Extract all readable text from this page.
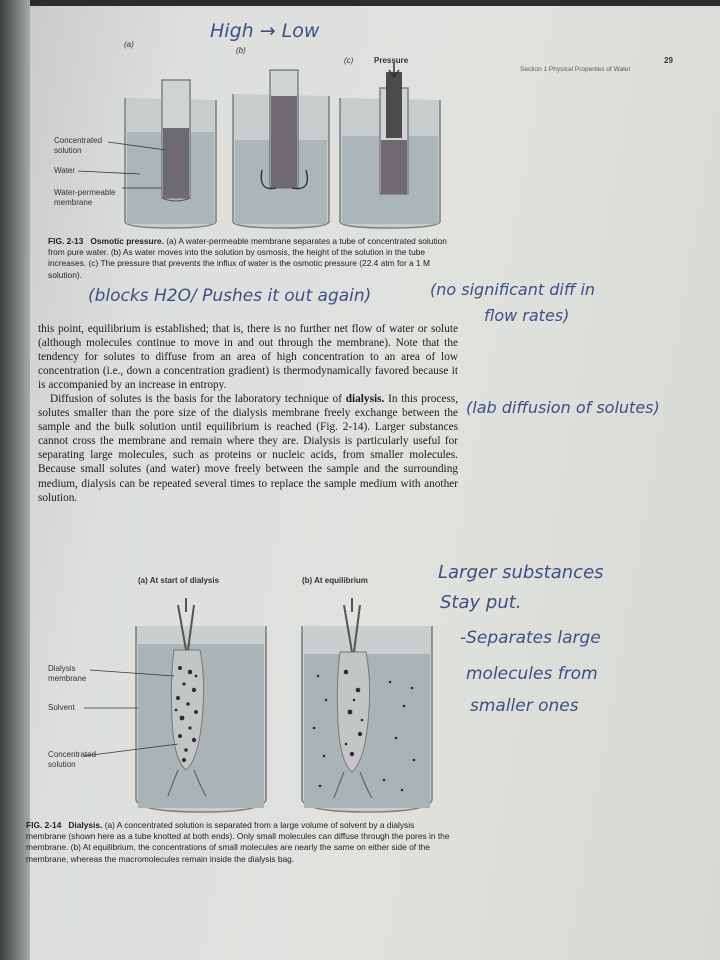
Section 1 Physical Properties of Water
29
High → Low
(a)
(b)
(c)	Pressure
Concentrated solution
Water
Water-permeable membrane
FIG. 2-13 Osmotic pressure. (a) A water-permeable membrane separates a tube of concentrated solution from pure water. (b) As water moves into the solution by osmosis, the height of the solution in the tube increases. (c) The pressure that prevents the influx of water is the osmotic pressure (22.4 atm for a 1 M solution).
(blocks H2O/ Pushes it out again)	(no significant diff in
flow rates)

this point, equilibrium is established; that is, there is no further net flow of water or solute (although molecules continue to move in and out through the membrane). Note that the tendency for solutes to diffuse from an area of high concentration to an area of low concentration (i.e., down a concentration gradient) is thermodynamically favored because it is accompanied by an increase in entropy.

Diffusion of solutes is the basis for the laboratory technique of dialysis. In this process, solutes smaller than the pore size of the dialysis membrane freely exchange between the sample and the bulk solution until equilibrium is reached (Fig. 2-14). Larger substances cannot cross the membrane and remain where they are. Dialysis is particularly useful for separating large molecules, such as proteins or nucleic acids, from smaller molecules. Because small solutes (and water) move freely between the sample and the surrounding medium, dialysis can be repeated several times to replace the sample medium with another solution.

(lab diffusion of solutes)
(a) At start of dialysis	(b) At equilibrium
Dialysis membrane
Solvent
Concentrated solution
Larger substances
Stay put.
-Separates large
molecules from
smaller ones
FIG. 2-14 Dialysis. (a) A concentrated solution is separated from a large volume of solvent by a dialysis membrane (shown here as a tube knotted at both ends). Only small molecules can diffuse through the pores in the membrane. (b) At equilibrium, the concentrations of small molecules are nearly the same on either side of the membrane, whereas the macromolecules remain inside the dialysis bag.
